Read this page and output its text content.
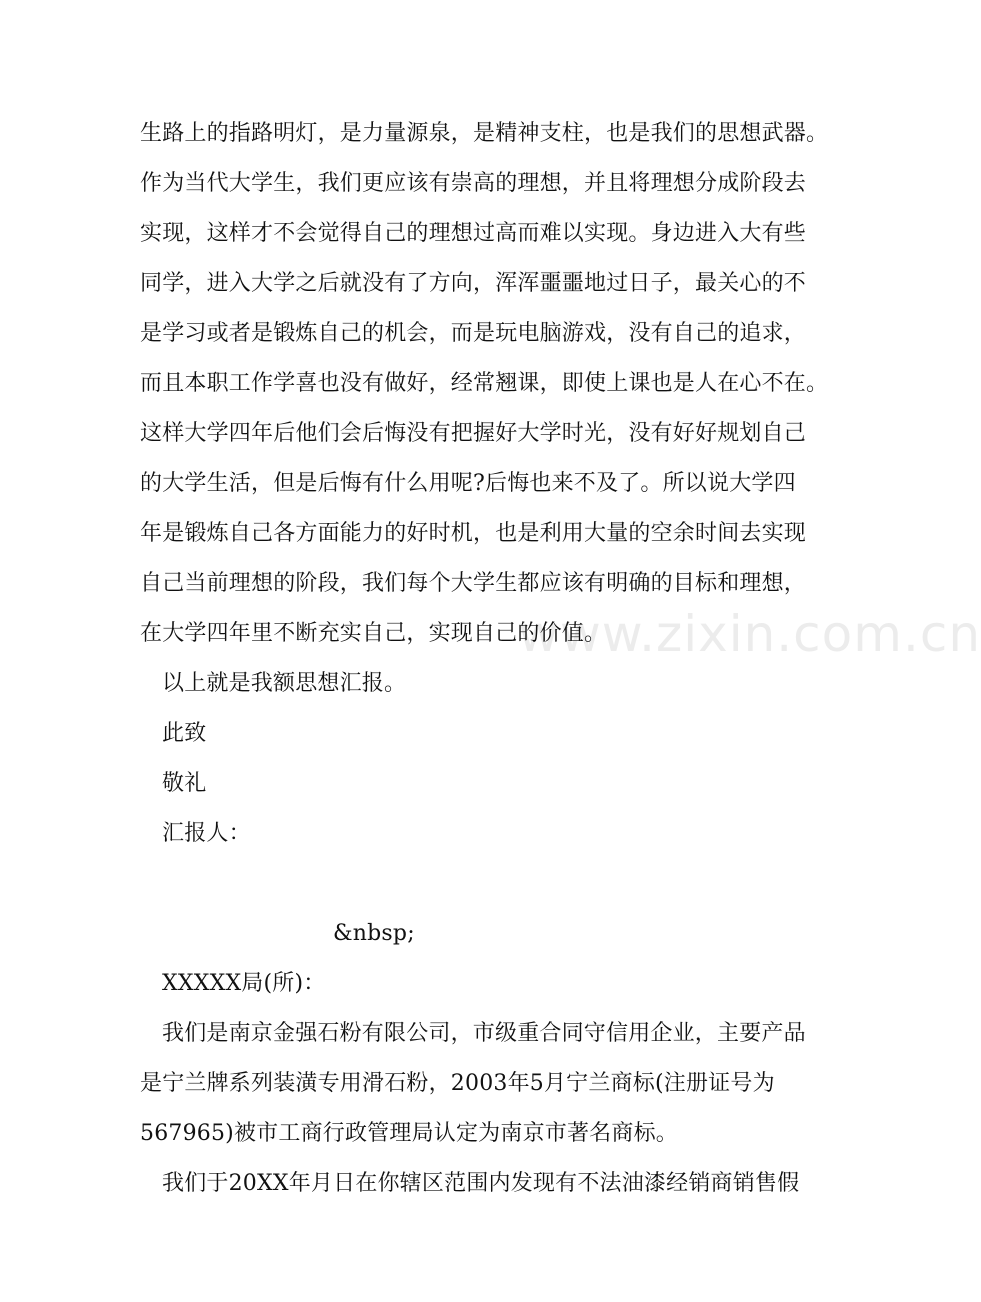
www.zixin.com.cn
生路上的指路明灯，是力量源泉，是精神支柱，也是我们的思想武器。
作为当代大学生，我们更应该有崇高的理想，并且将理想分成阶段去
实现，这样才不会觉得自己的理想过高而难以实现。身边进入大有些
同学，进入大学之后就没有了方向，浑浑噩噩地过日子，最关心的不
是学习或者是锻炼自己的机会，而是玩电脑游戏，没有自己的追求，
而且本职工作学喜也没有做好，经常翘课，即使上课也是人在心不在。
这样大学四年后他们会后悔没有把握好大学时光，没有好好规划自己
的大学生活，但是后悔有什么用呢?后悔也来不及了。所以说大学四
年是锻炼自己各方面能力的好时机，也是利用大量的空余时间去实现
自己当前理想的阶段，我们每个大学生都应该有明确的目标和理想，
在大学四年里不断充实自己，实现自己的价值。
以上就是我额思想汇报。
此致
敬礼
汇报人：
&nbsp;
XXXXX局(所)：
我们是南京金强石粉有限公司，市级重合同守信用企业，主要产品
是宁兰牌系列装潢专用滑石粉，2003年5月宁兰商标(注册证号为
567965)被市工商行政管理局认定为南京市著名商标。
我们于20XX年月日在你辖区范围内发现有不法油漆经销商销售假
